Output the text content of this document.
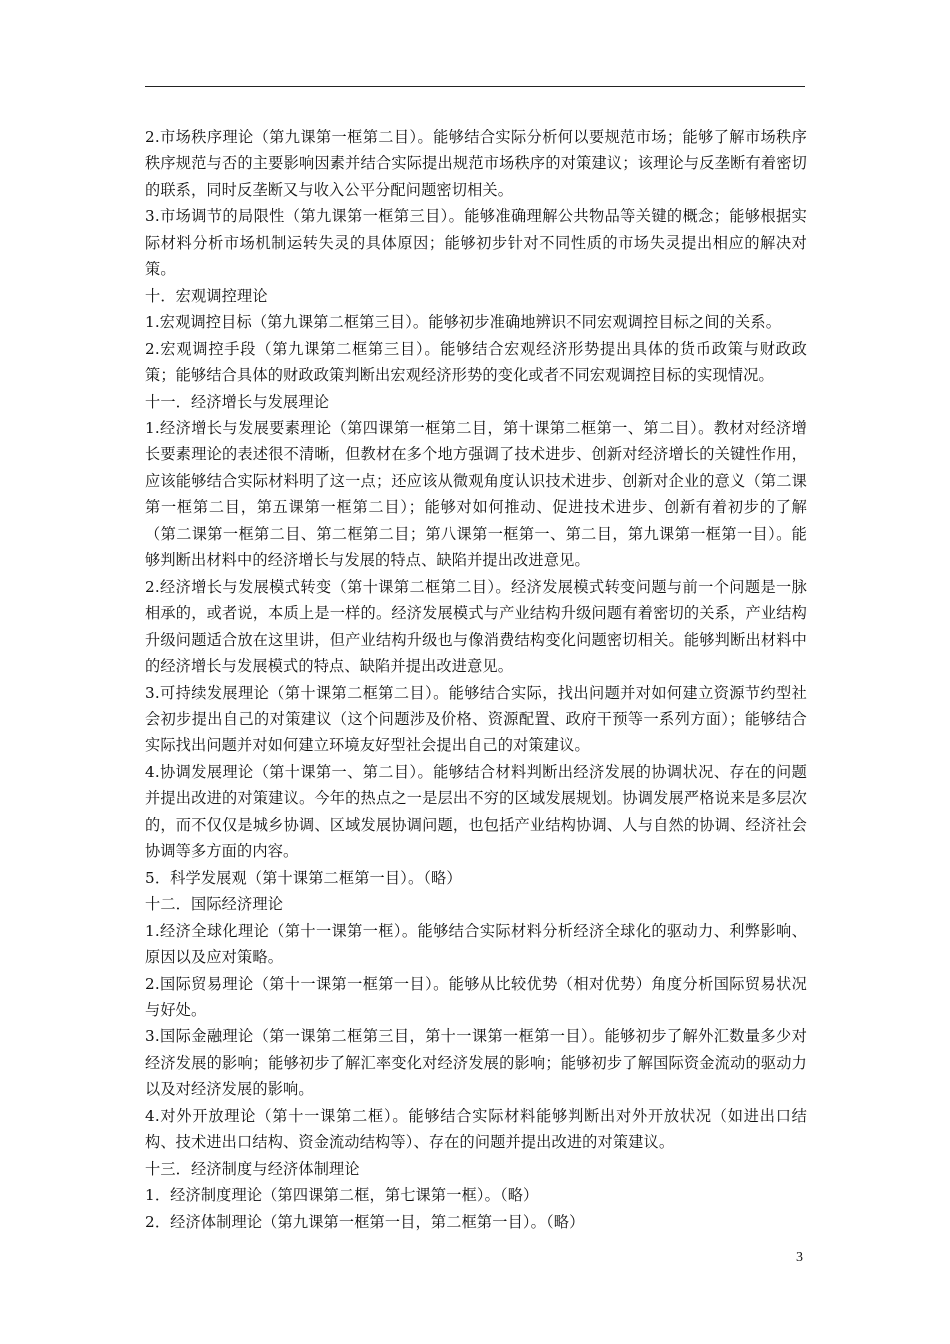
2.市场秩序理论（第九课第一框第二目）。能够结合实际分析何以要规范市场；能够了解市场秩序秩序规范与否的主要影响因素并结合实际提出规范市场秩序的对策建议；该理论与反垄断有着密切的联系，同时反垄断又与收入公平分配问题密切相关。

3.市场调节的局限性（第九课第一框第三目）。能够准确理解公共物品等关键的概念；能够根据实际材料分析市场机制运转失灵的具体原因；能够初步针对不同性质的市场失灵提出相应的解决对策。

十．宏观调控理论

1.宏观调控目标（第九课第二框第三目）。能够初步准确地辨识不同宏观调控目标之间的关系。

2.宏观调控手段（第九课第二框第三目）。能够结合宏观经济形势提出具体的货币政策与财政政策；能够结合具体的财政政策判断出宏观经济形势的变化或者不同宏观调控目标的实现情况。

十一．经济增长与发展理论

1.经济增长与发展要素理论（第四课第一框第二目，第十课第二框第一、第二目）。教材对经济增长要素理论的表述很不清晰，但教材在多个地方强调了技术进步、创新对经济增长的关键性作用，应该能够结合实际材料明了这一点；还应该从微观角度认识技术进步、创新对企业的意义（第二课第一框第二目，第五课第一框第二目）；能够对如何推动、促进技术进步、创新有着初步的了解（第二课第一框第二目、第二框第二目；第八课第一框第一、第二目，第九课第一框第一目）。能够判断出材料中的经济增长与发展的特点、缺陷并提出改进意见。

2.经济增长与发展模式转变（第十课第二框第二目）。经济发展模式转变问题与前一个问题是一脉相承的，或者说，本质上是一样的。经济发展模式与产业结构升级问题有着密切的关系，产业结构升级问题适合放在这里讲，但产业结构升级也与像消费结构变化问题密切相关。能够判断出材料中的经济增长与发展模式的特点、缺陷并提出改进意见。

3.可持续发展理论（第十课第二框第二目）。能够结合实际，找出问题并对如何建立资源节约型社会初步提出自己的对策建议（这个问题涉及价格、资源配置、政府干预等一系列方面）；能够结合实际找出问题并对如何建立环境友好型社会提出自己的对策建议。

4.协调发展理论（第十课第一、第二目）。能够结合材料判断出经济发展的协调状况、存在的问题并提出改进的对策建议。今年的热点之一是层出不穷的区域发展规划。协调发展严格说来是多层次的，而不仅仅是城乡协调、区域发展协调问题，也包括产业结构协调、人与自然的协调、经济社会协调等多方面的内容。

5．科学发展观（第十课第二框第一目）。（略）

十二．国际经济理论

1.经济全球化理论（第十一课第一框）。能够结合实际材料分析经济全球化的驱动力、利弊影响、原因以及应对策略。

2.国际贸易理论（第十一课第一框第一目）。能够从比较优势（相对优势）角度分析国际贸易状况与好处。

3.国际金融理论（第一课第二框第三目，第十一课第一框第一目）。能够初步了解外汇数量多少对经济发展的影响；能够初步了解汇率变化对经济发展的影响；能够初步了解国际资金流动的驱动力以及对经济发展的影响。

4.对外开放理论（第十一课第二框）。能够结合实际材料能够判断出对外开放状况（如进出口结构、技术进出口结构、资金流动结构等）、存在的问题并提出改进的对策建议。

十三．经济制度与经济体制理论

1．经济制度理论（第四课第二框，第七课第一框）。（略）

2．经济体制理论（第九课第一框第一目，第二框第一目）。（略）

3
